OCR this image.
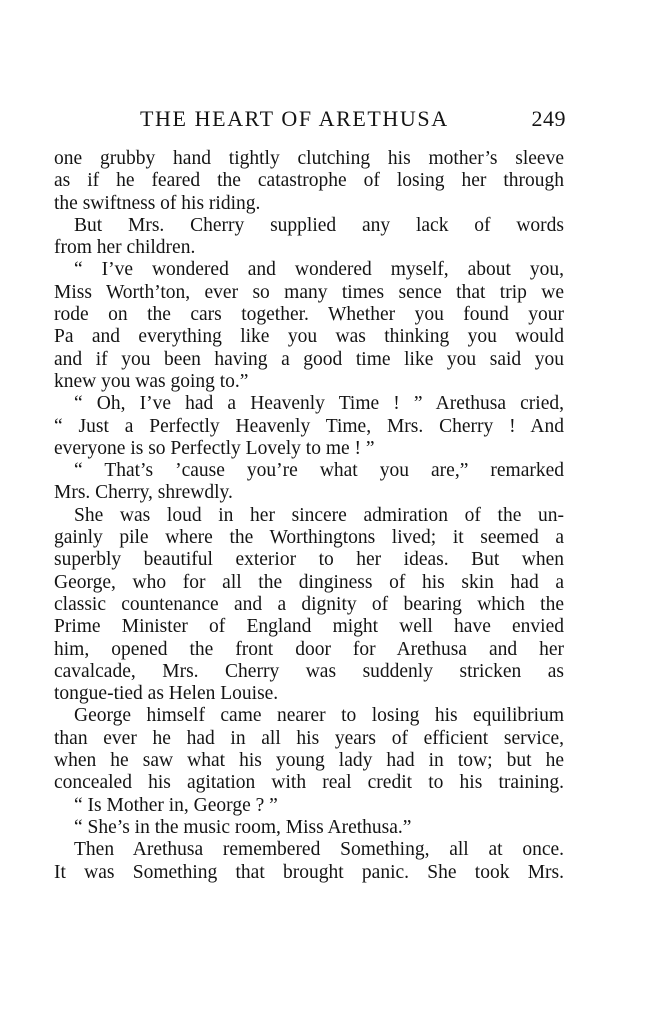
THE HEART OF ARETHUSA	249
one grubby hand tightly clutching his mother’s sleeve
as if he feared the catastrophe of losing her through
the swiftness of his riding.
But Mrs. Cherry supplied any lack of words
from her children.
“ I’ve wondered and wondered myself, about you,
Miss Worth’ton, ever so many times sence that trip we
rode on the cars together. Whether you found your
Pa and everything like you was thinking you would
and if you been having a good time like you said you
knew you was going to.”
“ Oh, I’ve had a Heavenly Time ! ” Arethusa cried,
“ Just a Perfectly Heavenly Time, Mrs. Cherry ! And
everyone is so Perfectly Lovely to me ! ”
“ That’s ’cause you’re what you are,” remarked
Mrs. Cherry, shrewdly.
She was loud in her sincere admiration of the un-
gainly pile where the Worthingtons lived; it seemed a
superbly beautiful exterior to her ideas. But when
George, who for all the dinginess of his skin had a
classic countenance and a dignity of bearing which the
Prime Minister of England might well have envied
him, opened the front door for Arethusa and her
cavalcade, Mrs. Cherry was suddenly stricken as
tongue-tied as Helen Louise.
George himself came nearer to losing his equilibrium
than ever he had in all his years of efficient service,
when he saw what his young lady had in tow; but he
concealed his agitation with real credit to his training.
“ Is Mother in, George ? ”
“ She’s in the music room, Miss Arethusa.”
Then Arethusa remembered Something, all at once.
It was Something that brought panic. She took Mrs.
